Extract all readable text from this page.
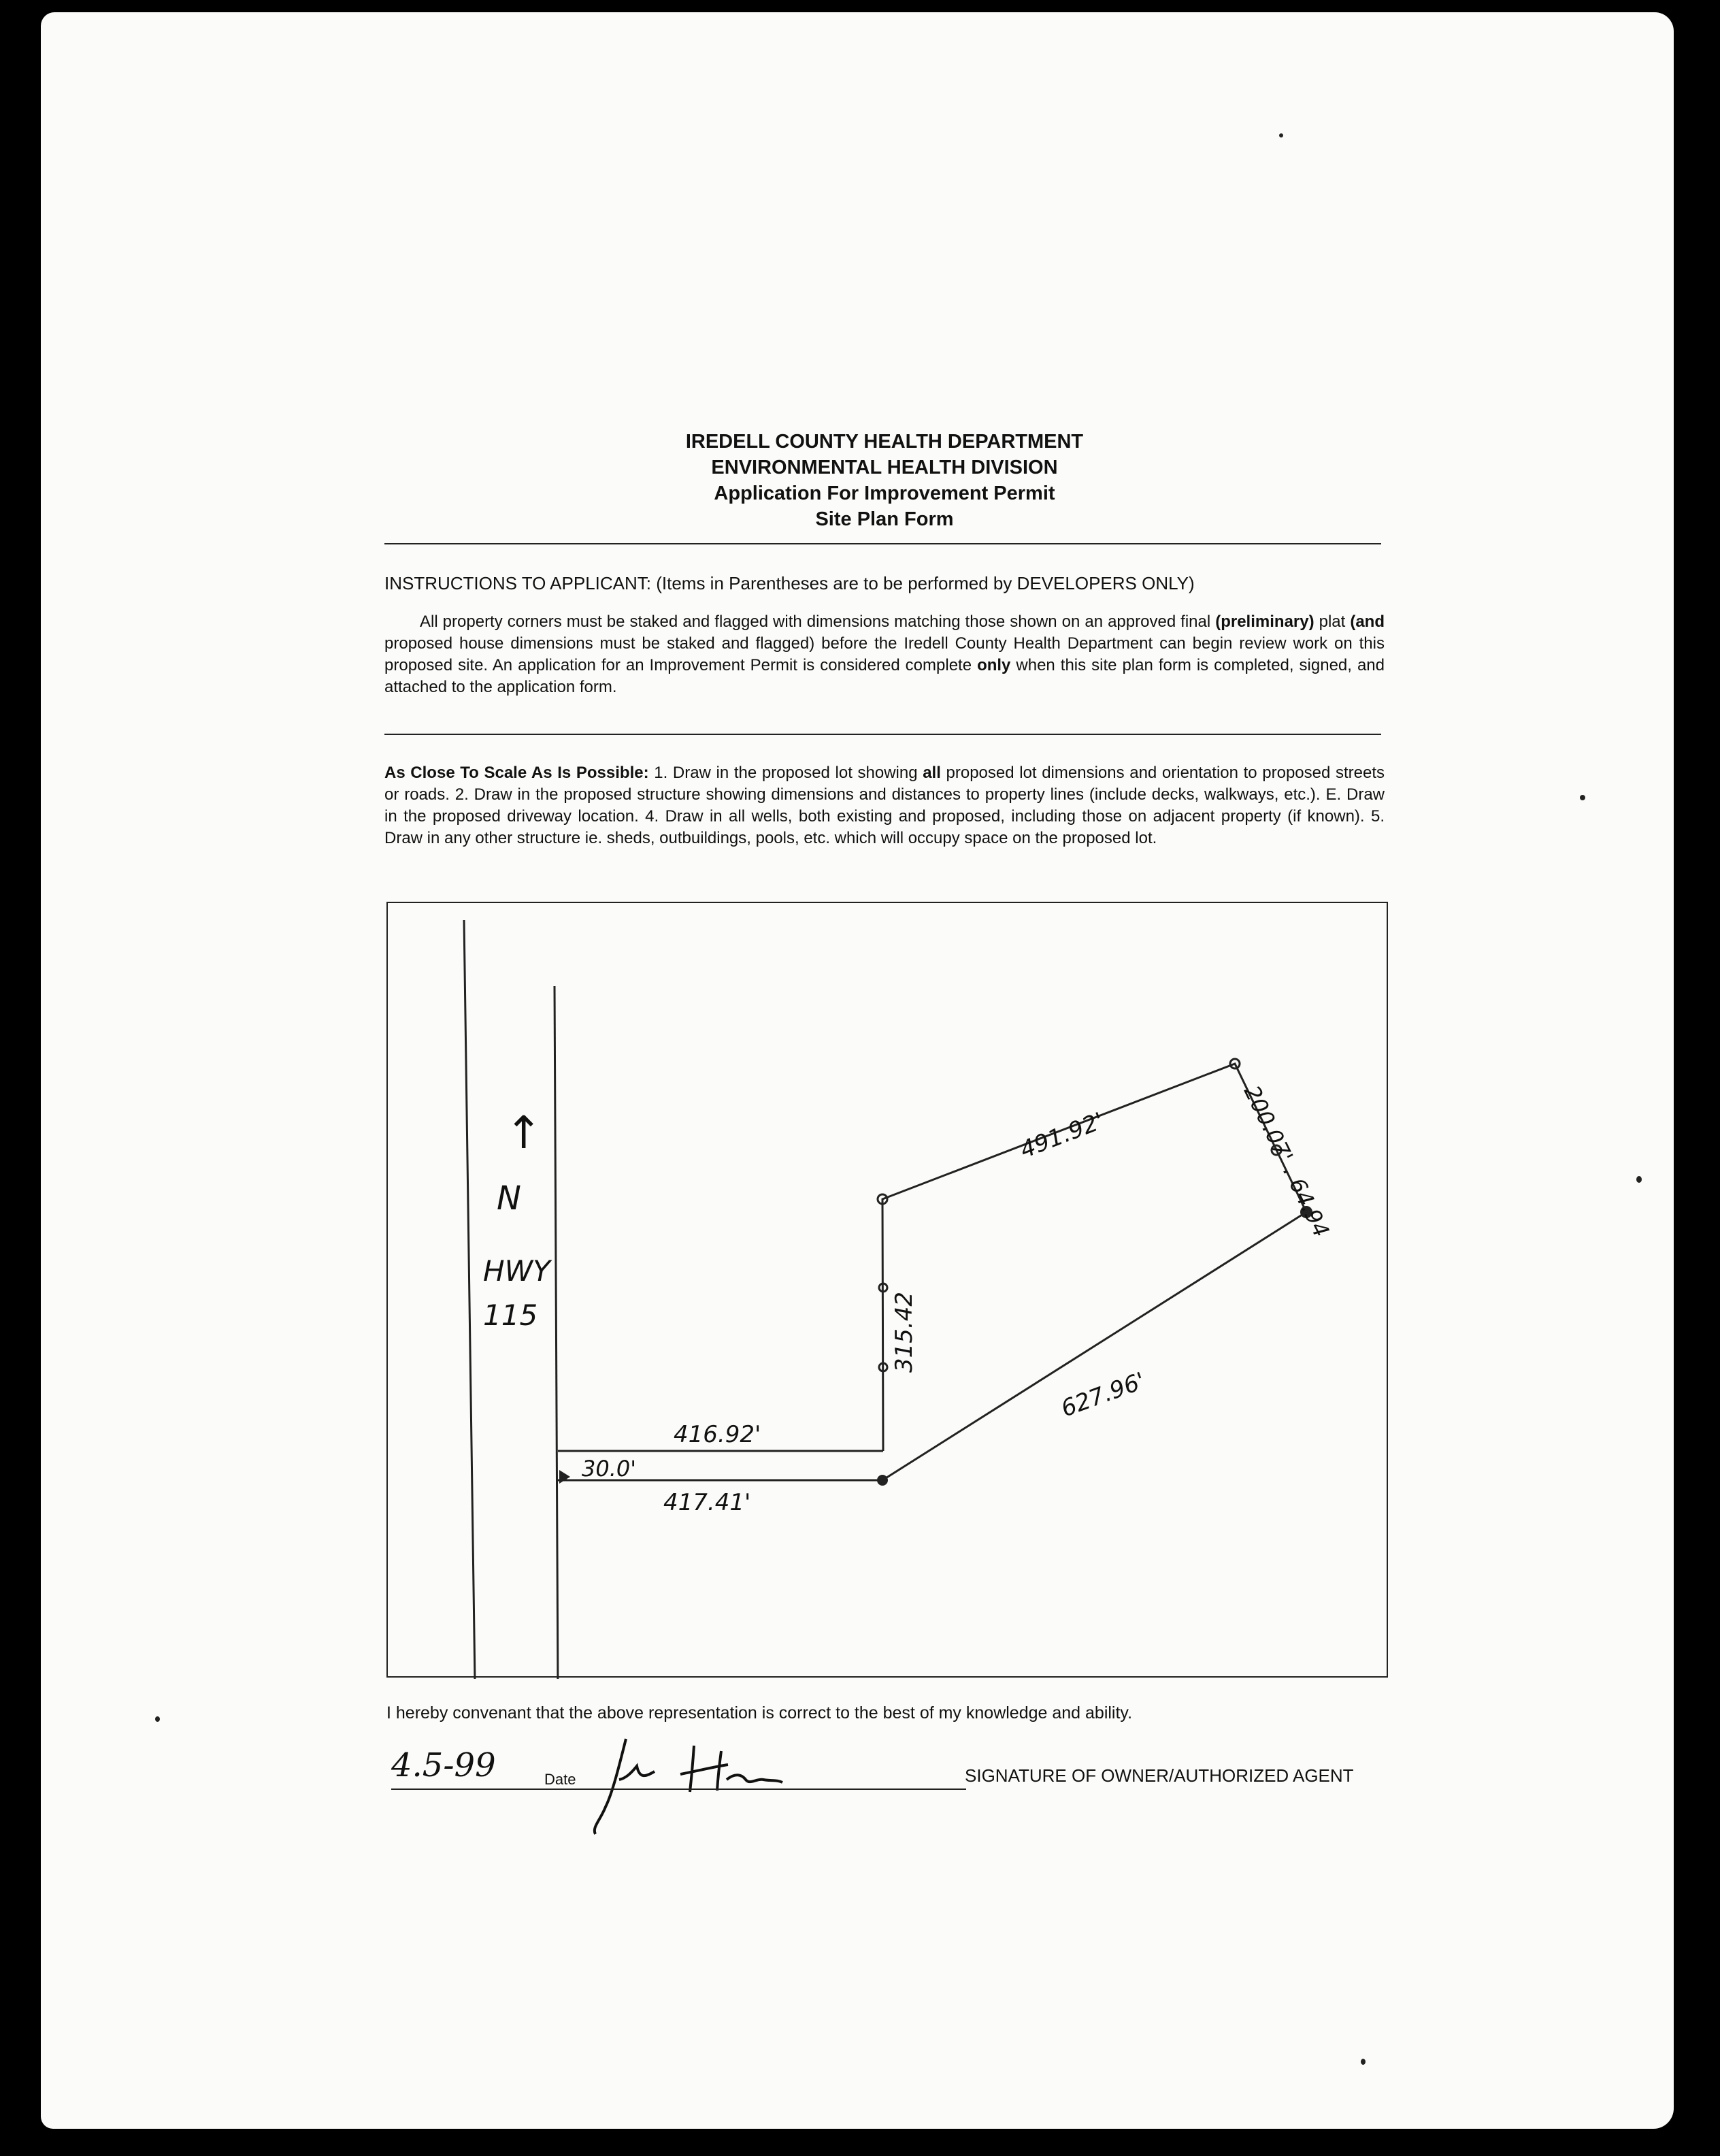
IREDELL COUNTY HEALTH DEPARTMENT
ENVIRONMENTAL HEALTH DIVISION
Application For Improvement Permit
Site Plan Form
INSTRUCTIONS TO APPLICANT: (Items in Parentheses are to be performed by DEVELOPERS ONLY)
All property corners must be staked and flagged with dimensions matching those shown on an approved final (preliminary) plat (and proposed house dimensions must be staked and flagged) before the Iredell County Health Department can begin review work on this proposed site. An application for an Improvement Permit is considered complete only when this site plan form is completed, signed, and attached to the application form.
As Close To Scale As Is Possible: 1. Draw in the proposed lot showing all proposed lot dimensions and orientation to proposed streets or roads. 2. Draw in the proposed structure showing dimensions and distances to property lines (include decks, walkways, etc.). E. Draw in the proposed driveway location. 4. Draw in all wells, both existing and proposed, including those on adjacent property (if known). 5. Draw in any other structure ie. sheds, outbuildings, pools, etc. which will occupy space on the proposed lot.
↑
N
HWY
115
416.92'
30.0'
417.41'
315.42
491.92'	200.07' . 64.94
627.96'
I hereby convenant that the above representation is correct to the best of my knowledge and ability.
4.5-99	Date	SIGNATURE OF OWNER/AUTHORIZED AGENT
